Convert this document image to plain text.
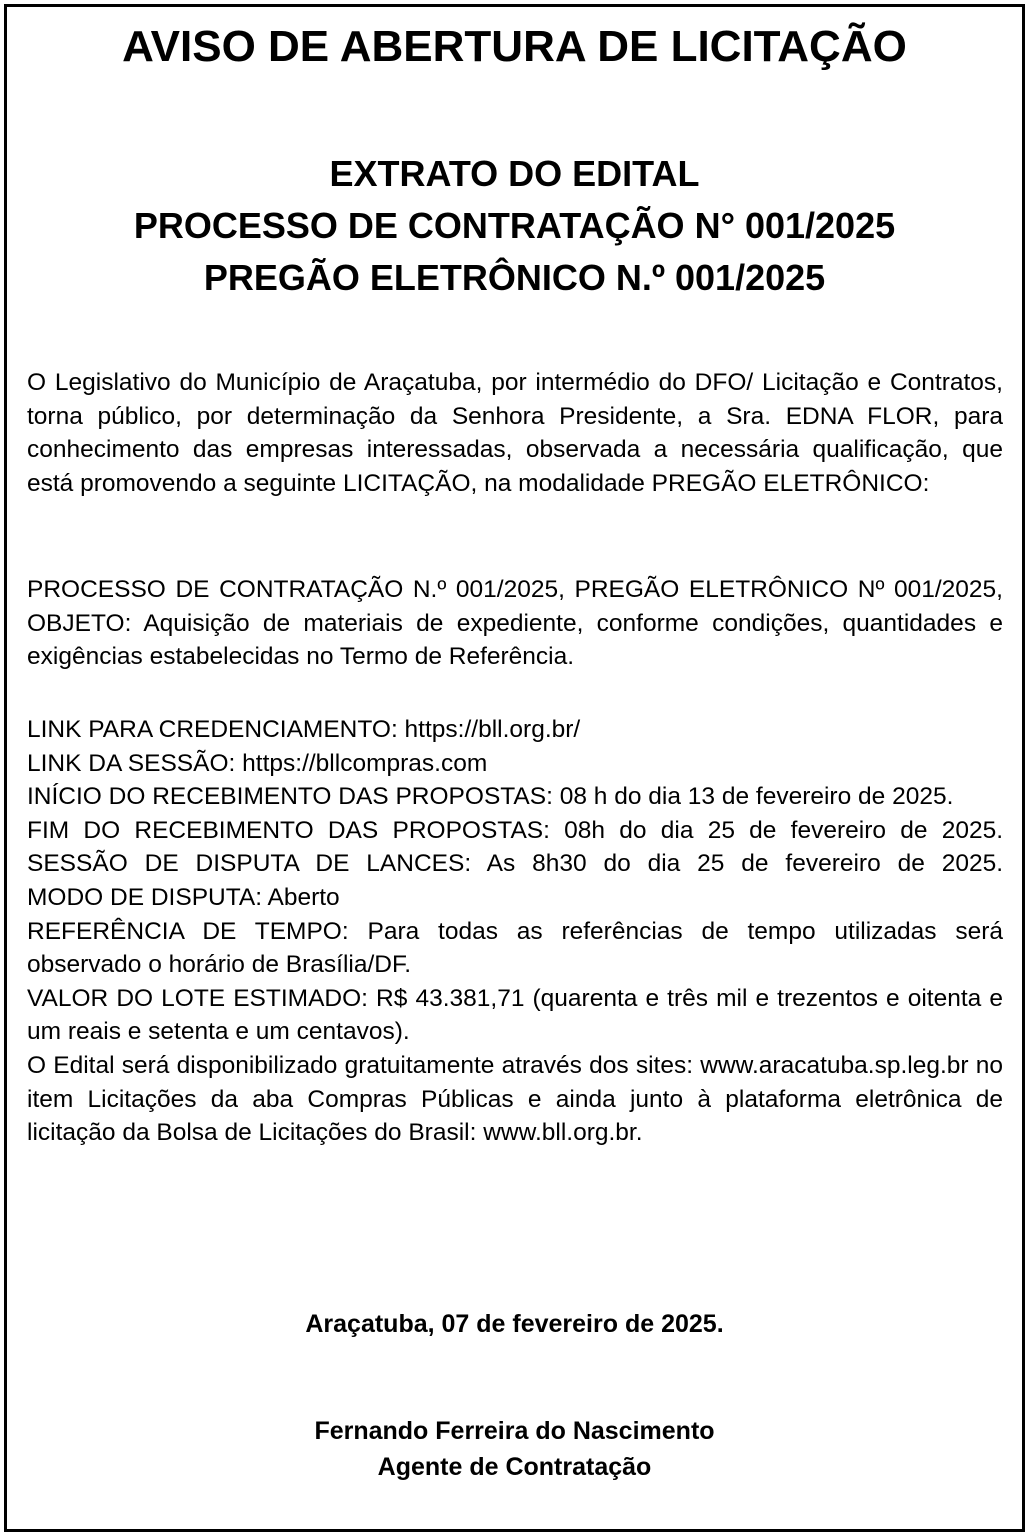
AVISO DE ABERTURA DE LICITAÇÃO
EXTRATO DO EDITAL
PROCESSO DE CONTRATAÇÃO N° 001/2025
PREGÃO ELETRÔNICO N.º 001/2025

O Legislativo do Município de Araçatuba, por intermédio do DFO/ Licitação e Contratos, torna público, por determinação da Senhora Presidente, a Sra. EDNA FLOR, para conhecimento das empresas interessadas, observada a necessária qualificação, que está promovendo a seguinte LICITAÇÃO, na modalidade PREGÃO ELETRÔNICO:

PROCESSO DE CONTRATAÇÃO N.º 001/2025, PREGÃO ELETRÔNICO Nº 001/2025, OBJETO: Aquisição de materiais de expediente, conforme condições, quantidades e exigências estabelecidas no Termo de Referência.

LINK PARA CREDENCIAMENTO: https://bll.org.br/
LINK DA SESSÃO: https://bllcompras.com
INÍCIO DO RECEBIMENTO DAS PROPOSTAS: 08 h do dia 13 de fevereiro de 2025.
FIM DO RECEBIMENTO DAS PROPOSTAS: 08h do dia 25 de fevereiro de 2025.
SESSÃO DE DISPUTA DE LANCES: As 8h30 do dia 25 de fevereiro de 2025.
MODO DE DISPUTA: Aberto
REFERÊNCIA DE TEMPO: Para todas as referências de tempo utilizadas será observado o horário de Brasília/DF.
VALOR DO LOTE ESTIMADO: R$ 43.381,71 (quarenta e três mil e trezentos e oitenta e um reais e setenta e um centavos).
O Edital será disponibilizado gratuitamente através dos sites: www.aracatuba.sp.leg.br no item Licitações da aba Compras Públicas e ainda junto à plataforma eletrônica de licitação da Bolsa de Licitações do Brasil: www.bll.org.br.
Araçatuba, 07 de fevereiro de 2025.
Fernando Ferreira do Nascimento
Agente de Contratação
